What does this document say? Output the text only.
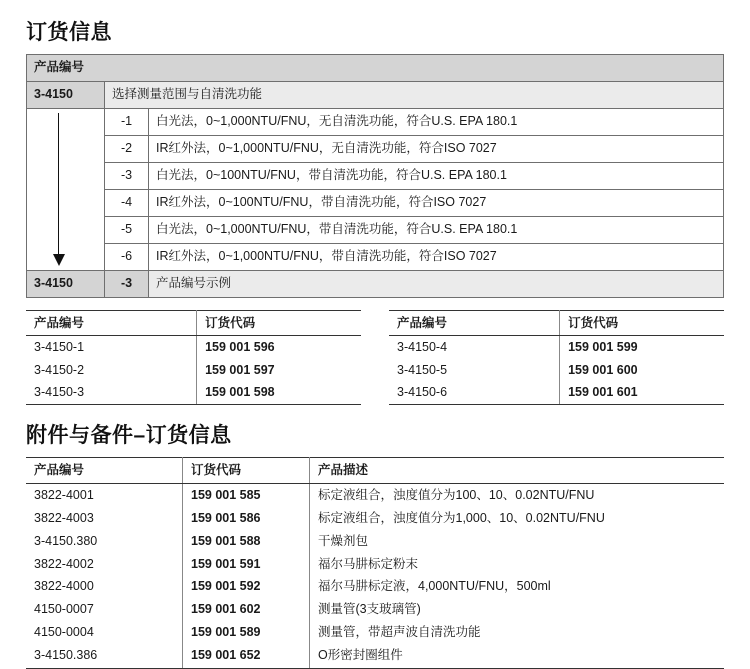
订货信息
产品编号		
3-4150	选择测量范围与自清洗功能	

	-1	白光法，0~1,000NTU/FNU，无自清洗功能，符合U.S. EPA 180.1
	-2	IR红外法，0~1,000NTU/FNU，无自清洗功能，符合ISO 7027
	-3	白光法，0~100NTU/FNU，带自清洗功能，符合U.S. EPA 180.1
	-4	IR红外法，0~100NTU/FNU，带自清洗功能，符合ISO 7027
	-5	白光法，0~1,000NTU/FNU，带自清洗功能，符合U.S. EPA 180.1
	-6	IR红外法，0~1,000NTU/FNU，带自清洗功能，符合ISO 7027
3-4150	-3	产品编号示例
产品编号	订货代码
3-4150-1	159 001 596
3-4150-2	159 001 597
3-4150-3	159 001 598
产品编号	订货代码
3-4150-4	159 001 599
3-4150-5	159 001 600
3-4150-6	159 001 601
附件与备件–订货信息
产品编号	订货代码	产品描述
3822-4001	159 001 585	标定液组合，浊度值分为100、10、0.02NTU/FNU
3822-4003	159 001 586	标定液组合，浊度值分为1,000、10、0.02NTU/FNU
3-4150.380	159 001 588	干燥剂包
3822-4002	159 001 591	福尔马肼标定粉末
3822-4000	159 001 592	福尔马肼标定液，4,000NTU/FNU，500ml
4150-0007	159 001 602	测量管(3支玻璃管)
4150-0004	159 001 589	测量管，带超声波自清洗功能
3-4150.386	159 001 652	O形密封圈组件
